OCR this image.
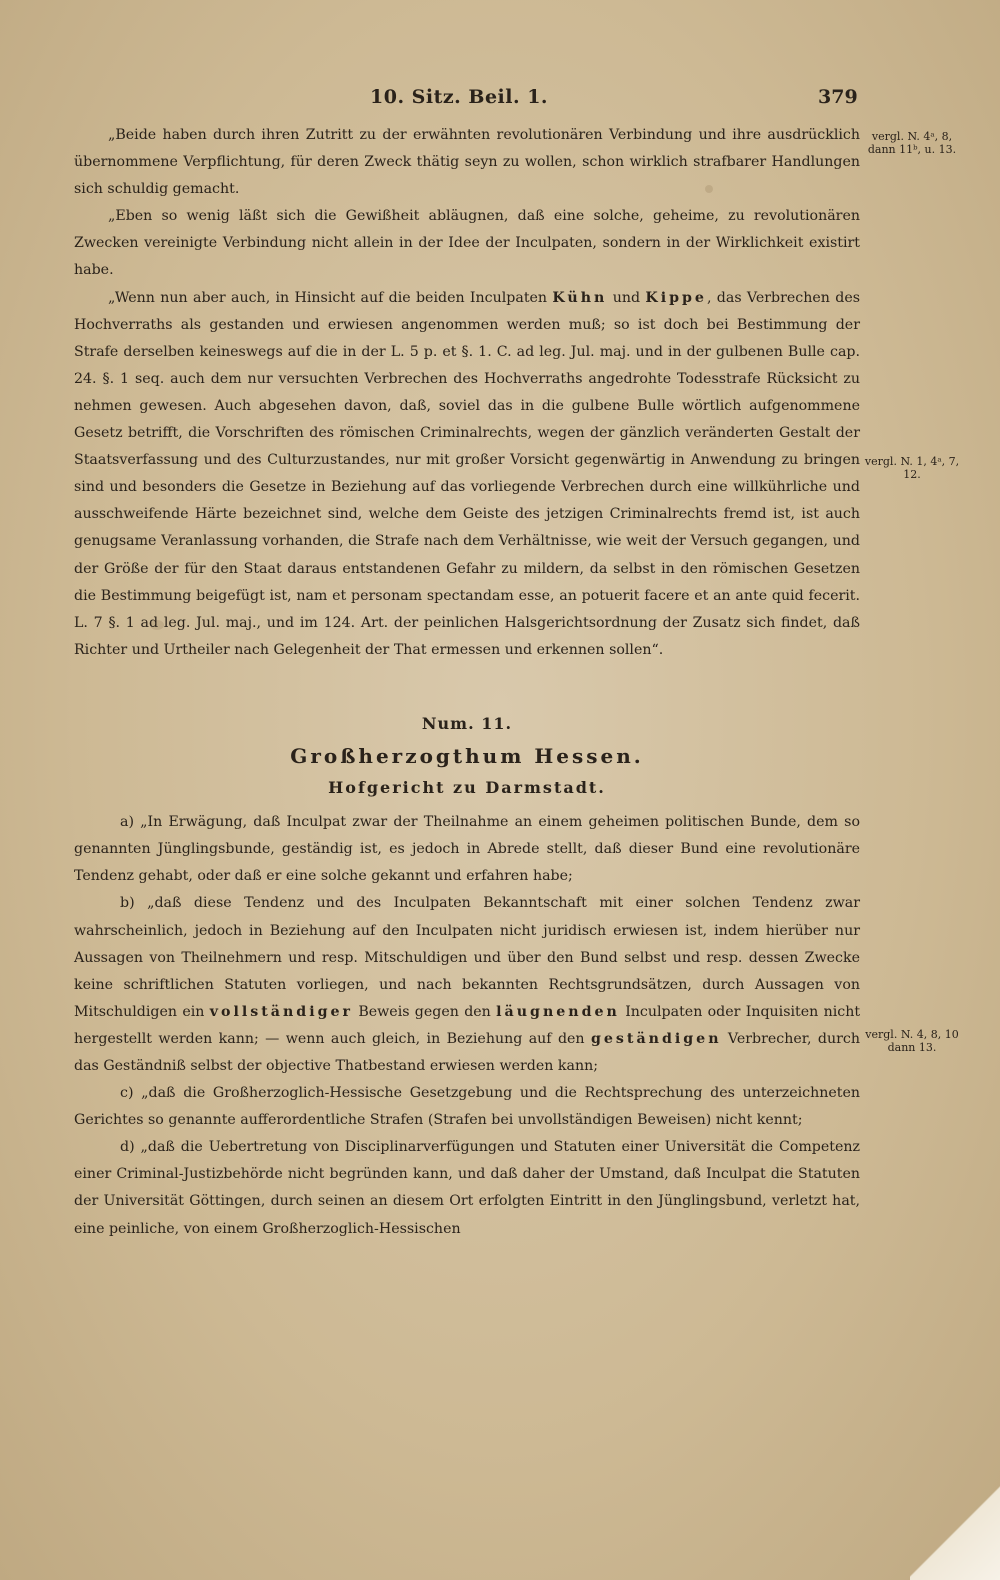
10. Sitz. Beil. 1.	379
vergl. N. 4ᵃ, 8, dann 11ᵇ, u. 13.
vergl. N. 1, 4ᵃ, 7, 12.
vergl. N. 4, 8, 10 dann 13.

„Beide haben durch ihren Zutritt zu der erwähnten revolutionären Verbindung und ihre ausdrücklich übernommene Verpflichtung, für deren Zweck thätig seyn zu wollen, schon wirklich strafbarer Handlungen sich schuldig gemacht.

„Eben so wenig läßt sich die Gewißheit abläugnen, daß eine solche, geheime, zu revolutionären Zwecken vereinigte Verbindung nicht allein in der Idee der Inculpaten, sondern in der Wirklichkeit existirt habe.

„Wenn nun aber auch, in Hinsicht auf die beiden Inculpaten Kühn und Kippe, das Verbrechen des Hochverraths als gestanden und erwiesen angenommen werden muß; so ist doch bei Bestimmung der Strafe derselben keineswegs auf die in der L. 5 p. et §. 1. C. ad leg. Jul. maj. und in der gulbenen Bulle cap. 24. §. 1 seq. auch dem nur versuchten Verbrechen des Hochverraths angedrohte Todesstrafe Rücksicht zu nehmen gewesen. Auch abgesehen davon, daß, soviel das in die gulbene Bulle wörtlich aufgenommene Gesetz betrifft, die Vorschriften des römischen Criminalrechts, wegen der gänzlich veränderten Gestalt der Staatsverfassung und des Culturzustandes, nur mit großer Vorsicht gegenwärtig in Anwendung zu bringen sind und besonders die Gesetze in Beziehung auf das vorliegende Verbrechen durch eine willkührliche und ausschweifende Härte bezeichnet sind, welche dem Geiste des jetzigen Criminalrechts fremd ist, ist auch genugsame Veranlassung vorhanden, die Strafe nach dem Verhältnisse, wie weit der Versuch gegangen, und der Größe der für den Staat daraus entstandenen Gefahr zu mildern, da selbst in den römischen Gesetzen die Bestimmung beigefügt ist, nam et personam spectandam esse, an potuerit facere et an ante quid fecerit. L. 7 §. 1 ad leg. Jul. maj., und im 124. Art. der peinlichen Halsgerichtsordnung der Zusatz sich findet, daß Richter und Urtheiler nach Gelegenheit der That ermessen und erkennen sollen“.

Num. 11.
Großherzogthum Hessen.
Hofgericht zu Darmstadt.

a) „In Erwägung, daß Inculpat zwar der Theilnahme an einem geheimen politischen Bunde, dem so genannten Jünglingsbunde, geständig ist, es jedoch in Abrede stellt, daß dieser Bund eine revolutionäre Tendenz gehabt, oder daß er eine solche gekannt und erfahren habe;

b) „daß diese Tendenz und des Inculpaten Bekanntschaft mit einer solchen Tendenz zwar wahrscheinlich, jedoch in Beziehung auf den Inculpaten nicht juridisch erwiesen ist, indem hierüber nur Aussagen von Theilnehmern und resp. Mitschuldigen und über den Bund selbst und resp. dessen Zwecke keine schriftlichen Statuten vorliegen, und nach bekannten Rechtsgrundsätzen, durch Aussagen von Mitschuldigen ein vollständiger Beweis gegen den läugnenden Inculpaten oder Inquisiten nicht hergestellt werden kann; — wenn auch gleich, in Beziehung auf den geständigen Verbrecher, durch das Geständniß selbst der objective Thatbestand erwiesen werden kann;

c) „daß die Großherzoglich-Hessische Gesetzgebung und die Rechtsprechung des unterzeichneten Gerichtes so genannte aufferordentliche Strafen (Strafen bei unvollständigen Beweisen) nicht kennt;

d) „daß die Uebertretung von Disciplinarverfügungen und Statuten einer Universität die Competenz einer Criminal-Justizbehörde nicht begründen kann, und daß daher der Umstand, daß Inculpat die Statuten der Universität Göttingen, durch seinen an diesem Ort erfolgten Eintritt in den Jünglingsbund, verletzt hat, eine peinliche, von einem Großherzoglich-Hessischen
